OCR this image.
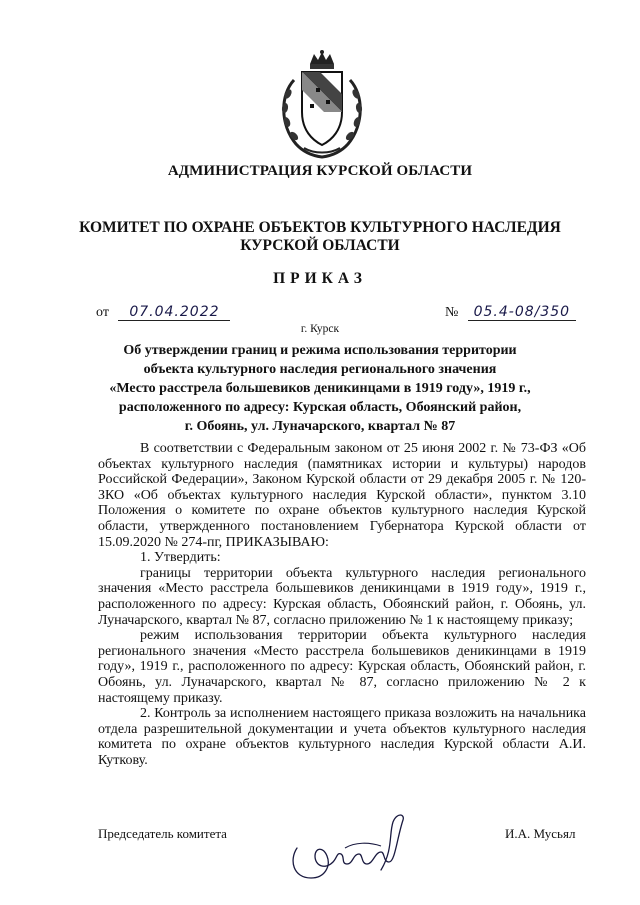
АДМИНИСТРАЦИЯ КУРСКОЙ ОБЛАСТИ
КОМИТЕТ ПО ОХРАНЕ ОБЪЕКТОВ КУЛЬТУРНОГО НАСЛЕДИЯ
КУРСКОЙ ОБЛАСТИ
ПРИКАЗ
от 07.04.2022	№ 05.4-08/350
г. Курск
Об утверждении границ и режима использования территории
объекта культурного наследия регионального значения
«Место расстрела большевиков деникинцами в 1919 году», 1919 г.,
расположенного по адресу: Курская область, Обоянский район,
г. Обоянь, ул. Луначарского, квартал № 87

В соответствии с Федеральным законом от 25 июня 2002 г. № 73-ФЗ «Об объектах культурного наследия (памятниках истории и культуры) народов Российской Федерации», Законом Курской области от 29 декабря 2005 г. № 120-ЗКО «Об объектах культурного наследия Курской области», пунктом 3.10 Положения о комитете по охране объектов культурного наследия Курской области, утвержденного постановлением Губернатора Курской области от 15.09.2020 № 274-пг, ПРИКАЗЫВАЮ:

1. Утвердить:

границы территории объекта культурного наследия регионального значения «Место расстрела большевиков деникинцами в 1919 году», 1919 г., расположенного по адресу: Курская область, Обоянский район, г. Обоянь, ул. Луначарского, квартал № 87, согласно приложению № 1 к настоящему приказу;

режим использования территории объекта культурного наследия регионального значения «Место расстрела большевиков деникинцами в 1919 году», 1919 г., расположенного по адресу: Курская область, Обоянский район, г. Обоянь, ул. Луначарского, квартал № 87, согласно приложению № 2 к настоящему приказу.

2. Контроль за исполнением настоящего приказа возложить на начальника отдела разрешительной документации и учета объектов культурного наследия комитета по охране объектов культурного наследия Курской области А.И. Куткову.

Председатель комитета	И.А. Мусьял
